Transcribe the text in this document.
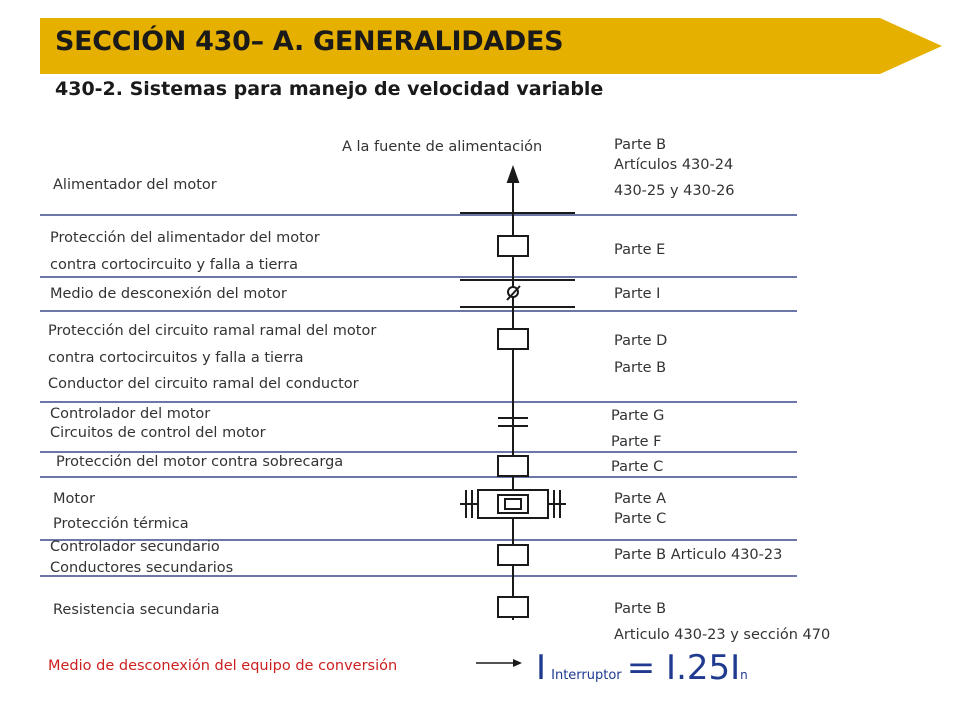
SECCIÓN 430– A. GENERALIDADES
430-2. Sistemas para manejo de velocidad variable
A la fuente de alimentación
Alimentador del motor
Protección del alimentador del motor
contra cortocircuito y falla a tierra
Medio de desconexión del motor
Protección del circuito ramal ramal del motor
contra cortocircuitos y falla a tierra
Conductor del circuito ramal del conductor
Controlador del motor
Circuitos de control del motor
Protección del motor contra sobrecarga
Motor
Protección térmica
Controlador secundario
Conductores secundarios
Resistencia secundaria
Parte B
Artículos 430-24
430-25 y 430-26
Parte E
Parte I
Parte D
Parte B
Parte G
Parte F
Parte C
Parte A
Parte C
Parte B Articulo 430-23
Parte B
Articulo 430-23 y sección 470
Medio de desconexión del equipo de conversión	I Interruptor = I.25In
